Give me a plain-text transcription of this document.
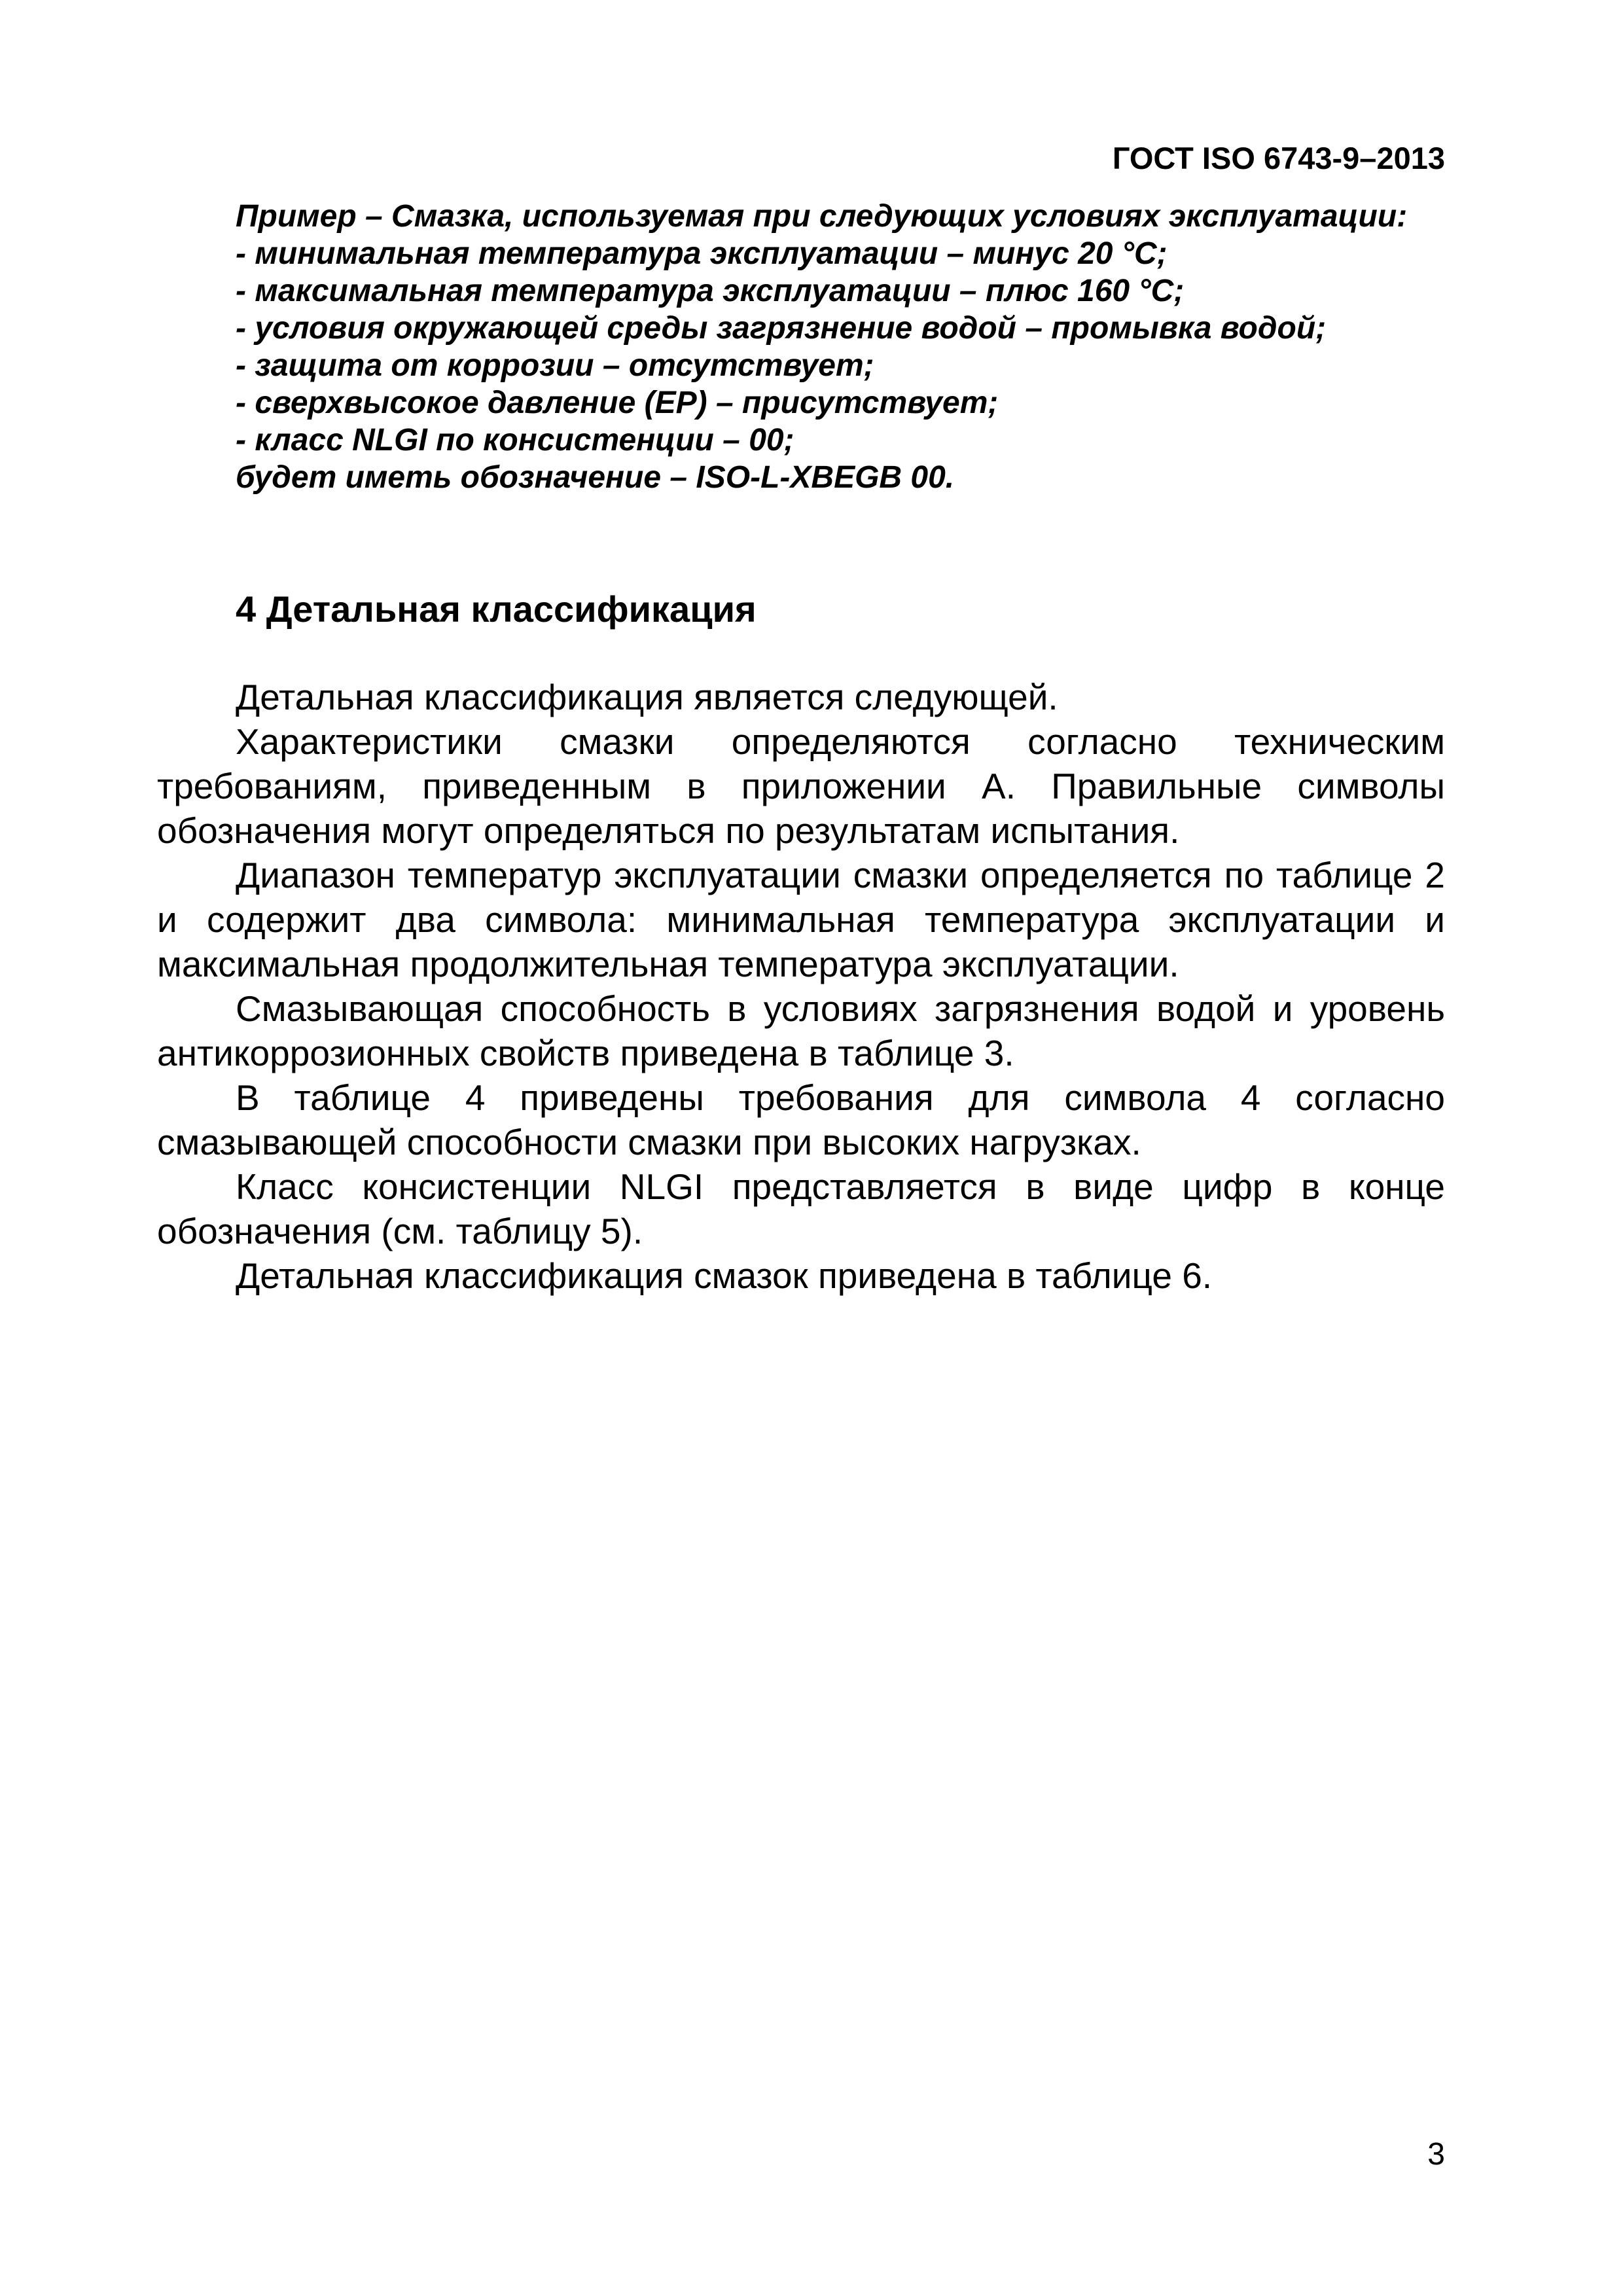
ГОСТ ISO 6743-9–2013

Пример – Смазка, используемая при следующих условиях эксплуатации:

- минимальная температура эксплуатации – минус 20 °С;

- максимальная температура эксплуатации – плюс 160 °С;

- условия окружающей среды загрязнение водой – промывка водой;

- защита от коррозии – отсутствует;

- сверхвысокое давление (ЕР) – присутствует;

- класс NLGI по консистенции – 00;

будет иметь обозначение – ISO-L-XBEGB 00.

4 Детальная классификация

Детальная классификация является следующей.

Характеристики смазки определяются согласно техническим требованиям, приведенным в приложении А. Правильные символы обозначения могут определяться по результатам испытания.

Диапазон температур эксплуатации смазки определяется по таблице 2 и содержит два символа: минимальная температура эксплуатации и максимальная продолжительная температура эксплуатации.

Смазывающая способность в условиях загрязнения водой и уровень антикоррозионных свойств приведена в таблице 3.

В таблице 4 приведены требования для символа 4 согласно смазывающей способности смазки при высоких нагрузках.

Класс консистенции NLGI представляется в виде цифр в конце обозначения (см. таблицу 5).

Детальная классификация смазок приведена в таблице 6.

3
